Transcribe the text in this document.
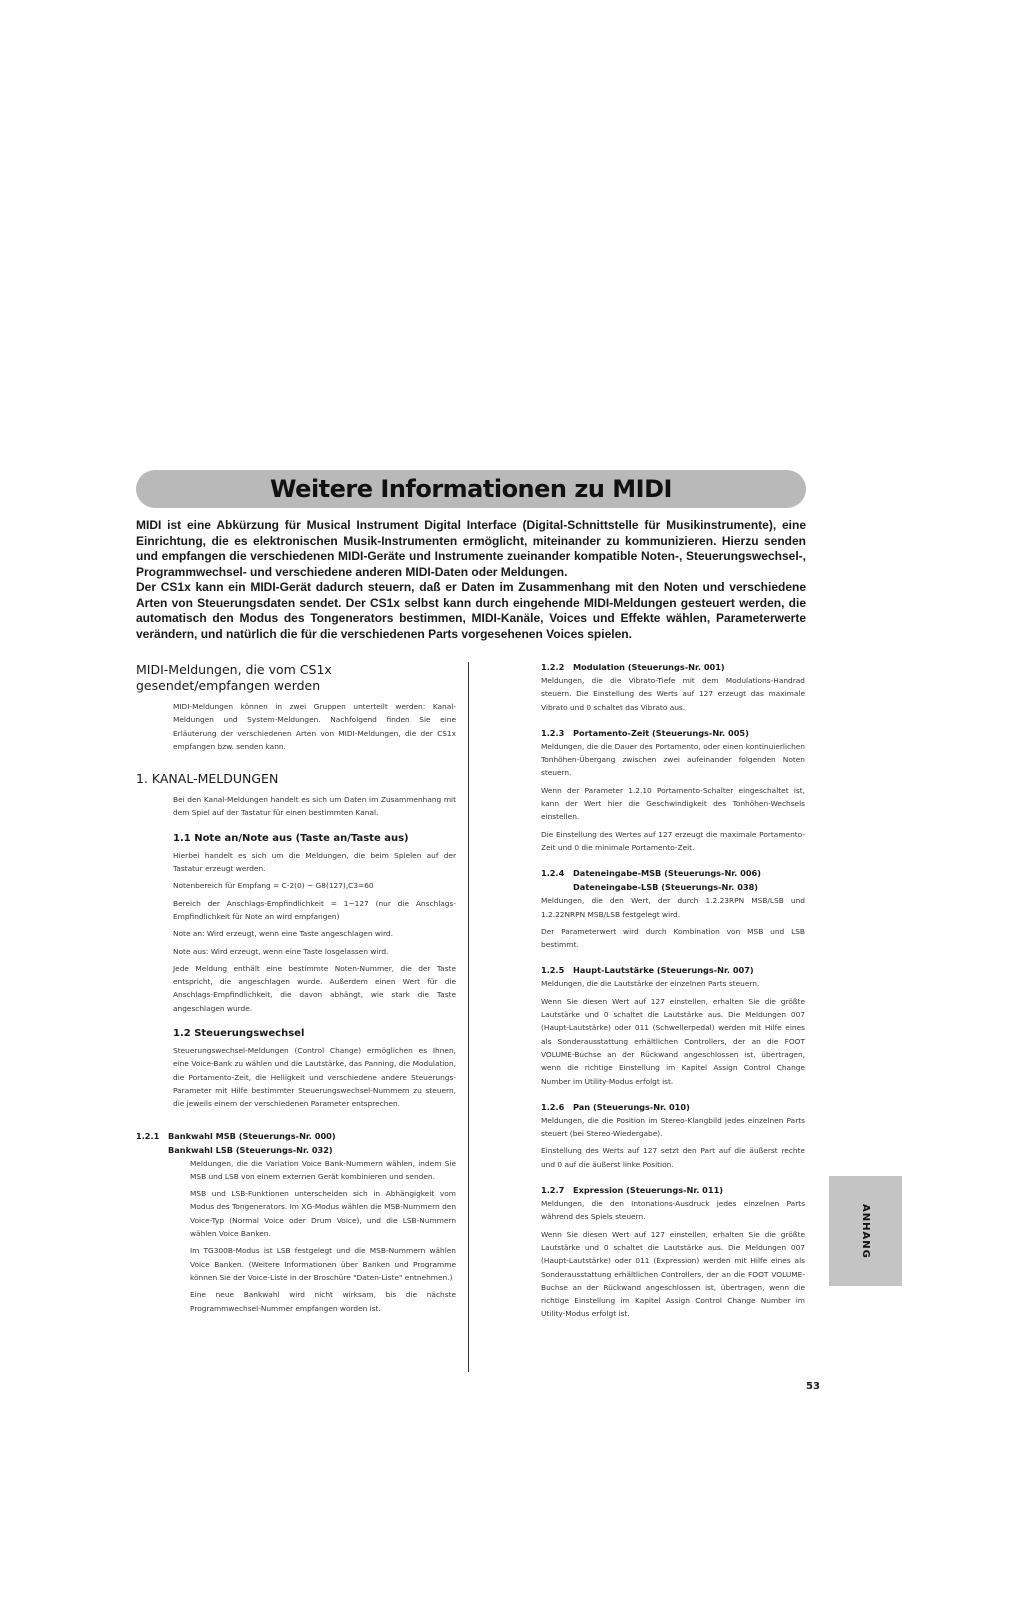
Weitere Informationen zu MIDI

MIDI ist eine Abkürzung für Musical Instrument Digital Interface (Digital-Schnittstelle für Musikinstrumente), eine Einrichtung, die es elektronischen Musik-Instrumenten ermöglicht, miteinander zu kommunizieren. Hierzu senden und empfangen die verschiedenen MIDI-Geräte und Instrumente zueinander kompatible Noten-, Steuerungswechsel-, Programmwechsel- und verschiedene anderen MIDI-Daten oder Meldungen.

Der CS1x kann ein MIDI-Gerät dadurch steuern, daß er Daten im Zusammenhang mit den Noten und verschiedene Arten von Steuerungsdaten sendet. Der CS1x selbst kann durch eingehende MIDI-Meldungen gesteuert werden, die automatisch den Modus des Tongenerators bestimmen, MIDI-Kanäle, Voices und Effekte wählen, Parameterwerte verändern, und natürlich die für die verschiedenen Parts vorgesehenen Voices spielen.

MIDI-Meldungen, die vom CS1x gesendet/empfangen werden

MIDI-Meldungen können in zwei Gruppen unterteilt werden: Kanal-Meldungen und System-Meldungen. Nachfolgend finden Sie eine Erläuterung der verschiedenen Arten von MIDI-Meldungen, die der CS1x empfangen bzw. senden kann.

1. KANAL-MELDUNGEN

Bei den Kanal-Meldungen handelt es sich um Daten im Zusammenhang mit dem Spiel auf der Tastatur für einen bestimmten Kanal.

1.1 Note an/Note aus (Taste an/Taste aus)

Hierbei handelt es sich um die Meldungen, die beim Spielen auf der Tastatur erzeugt werden.

Notenbereich für Empfang = C-2(0) ~ G8(127),C3=60

Bereich der Anschlags-Empfindlichkeit = 1~127 (nur die Anschlags-Empfindlichkeit für Note an wird empfangen)

Note an: Wird erzeugt, wenn eine Taste angeschlagen wird.

Note aus: Wird erzeugt, wenn eine Taste losgelassen wird.

Jede Meldung enthält eine bestimmte Noten-Nummer, die der Taste entspricht, die angeschlagen wurde. Außerdem einen Wert für die Anschlags-Empfindlichkeit, die davon abhängt, wie stark die Taste angeschlagen wurde.

1.2 Steuerungswechsel

Steuerungswechsel-Meldungen (Control Change) ermöglichen es Ihnen, eine Voice-Bank zu wählen und die Lautstärke, das Panning, die Modulation, die Portamento-Zeit, die Helligkeit und verschiedene andere Steuerungs-Parameter mit Hilfe bestimmter Steuerungswechsel-Nummern zu steuern, die jeweils einem der verschiedenen Parameter entsprechen.

1.2.1 Bankwahl MSB (Steuerungs-Nr. 000)
Bankwahl LSB (Steuerungs-Nr. 032)

Meldungen, die die Variation Voice Bank-Nummern wählen, indem Sie MSB und LSB von einem externen Gerät kombinieren und senden.

MSB und LSB-Funktionen unterscheiden sich in Abhängigkeit vom Modus des Tongenerators. Im XG-Modus wählen die MSB-Nummern den Voice-Typ (Normal Voice oder Drum Voice), und die LSB-Nummern wählen Voice Banken.

Im TG300B-Modus ist LSB festgelegt und die MSB-Nummern wählen Voice Banken. (Weitere Informationen über Banken und Programme können Sie der Voice-Liste in der Broschüre "Daten-Liste" entnehmen.)

Eine neue Bankwahl wird nicht wirksam, bis die nächste Programmwechsel-Nummer empfangen worden ist.

1.2.2 Modulation (Steuerungs-Nr. 001)

Meldungen, die die Vibrato-Tiefe mit dem Modulations-Handrad steuern. Die Einstellung des Werts auf 127 erzeugt das maximale Vibrato und 0 schaltet das Vibrato aus.

1.2.3 Portamento-Zeit (Steuerungs-Nr. 005)

Meldungen, die die Dauer des Portamento, oder einen kontinuierlichen Tonhöhen-Übergang zwischen zwei aufeinander folgenden Noten steuern.

Wenn der Parameter 1.2.10 Portamento-Schalter eingeschaltet ist, kann der Wert hier die Geschwindigkeit des Tonhöhen-Wechsels einstellen.

Die Einstellung des Wertes auf 127 erzeugt die maximale Portamento-Zeit und 0 die minimale Portamento-Zeit.

1.2.4 Dateneingabe-MSB (Steuerungs-Nr. 006)
Dateneingabe-LSB (Steuerungs-Nr. 038)

Meldungen, die den Wert, der durch 1.2.23RPN MSB/LSB und 1.2.22NRPN MSB/LSB festgelegt wird.

Der Parameterwert wird durch Kombination von MSB und LSB bestimmt.

1.2.5 Haupt-Lautstärke (Steuerungs-Nr. 007)

Meldungen, die die Lautstärke der einzelnen Parts steuern.

Wenn Sie diesen Wert auf 127 einstellen, erhalten Sie die größte Lautstärke und 0 schaltet die Lautstärke aus. Die Meldungen 007 (Haupt-Lautstärke) oder 011 (Schwellerpedal) werden mit Hilfe eines als Sonderausstattung erhältlichen Controllers, der an die FOOT VOLUME-Buchse an der Rückwand angeschlossen ist, übertragen, wenn die richtige Einstellung im Kapitel Assign Control Change Number im Utility-Modus erfolgt ist.

1.2.6 Pan (Steuerungs-Nr. 010)

Meldungen, die die Position im Stereo-Klangbild jedes einzelnen Parts steuert (bei Stereo-Wiedergabe).

Einstellung des Werts auf 127 setzt den Part auf die äußerst rechte und 0 auf die äußerst linke Position.

1.2.7 Expression (Steuerungs-Nr. 011)

Meldungen, die den Intonations-Ausdruck jedes einzelnen Parts während des Spiels steuern.

Wenn Sie diesen Wert auf 127 einstellen, erhalten Sie die größte Lautstärke und 0 schaltet die Lautstärke aus. Die Meldungen 007 (Haupt-Lautstärke) oder 011 (Expression) werden mit Hilfe eines als Sonderausstattung erhältlichen Controllers, der an die FOOT VOLUME-Buchse an der Rückwand angeschlossen ist, übertragen, wenn die richtige Einstellung im Kapitel Assign Control Change Number im Utility-Modus erfolgt ist.

ANHANG
53
